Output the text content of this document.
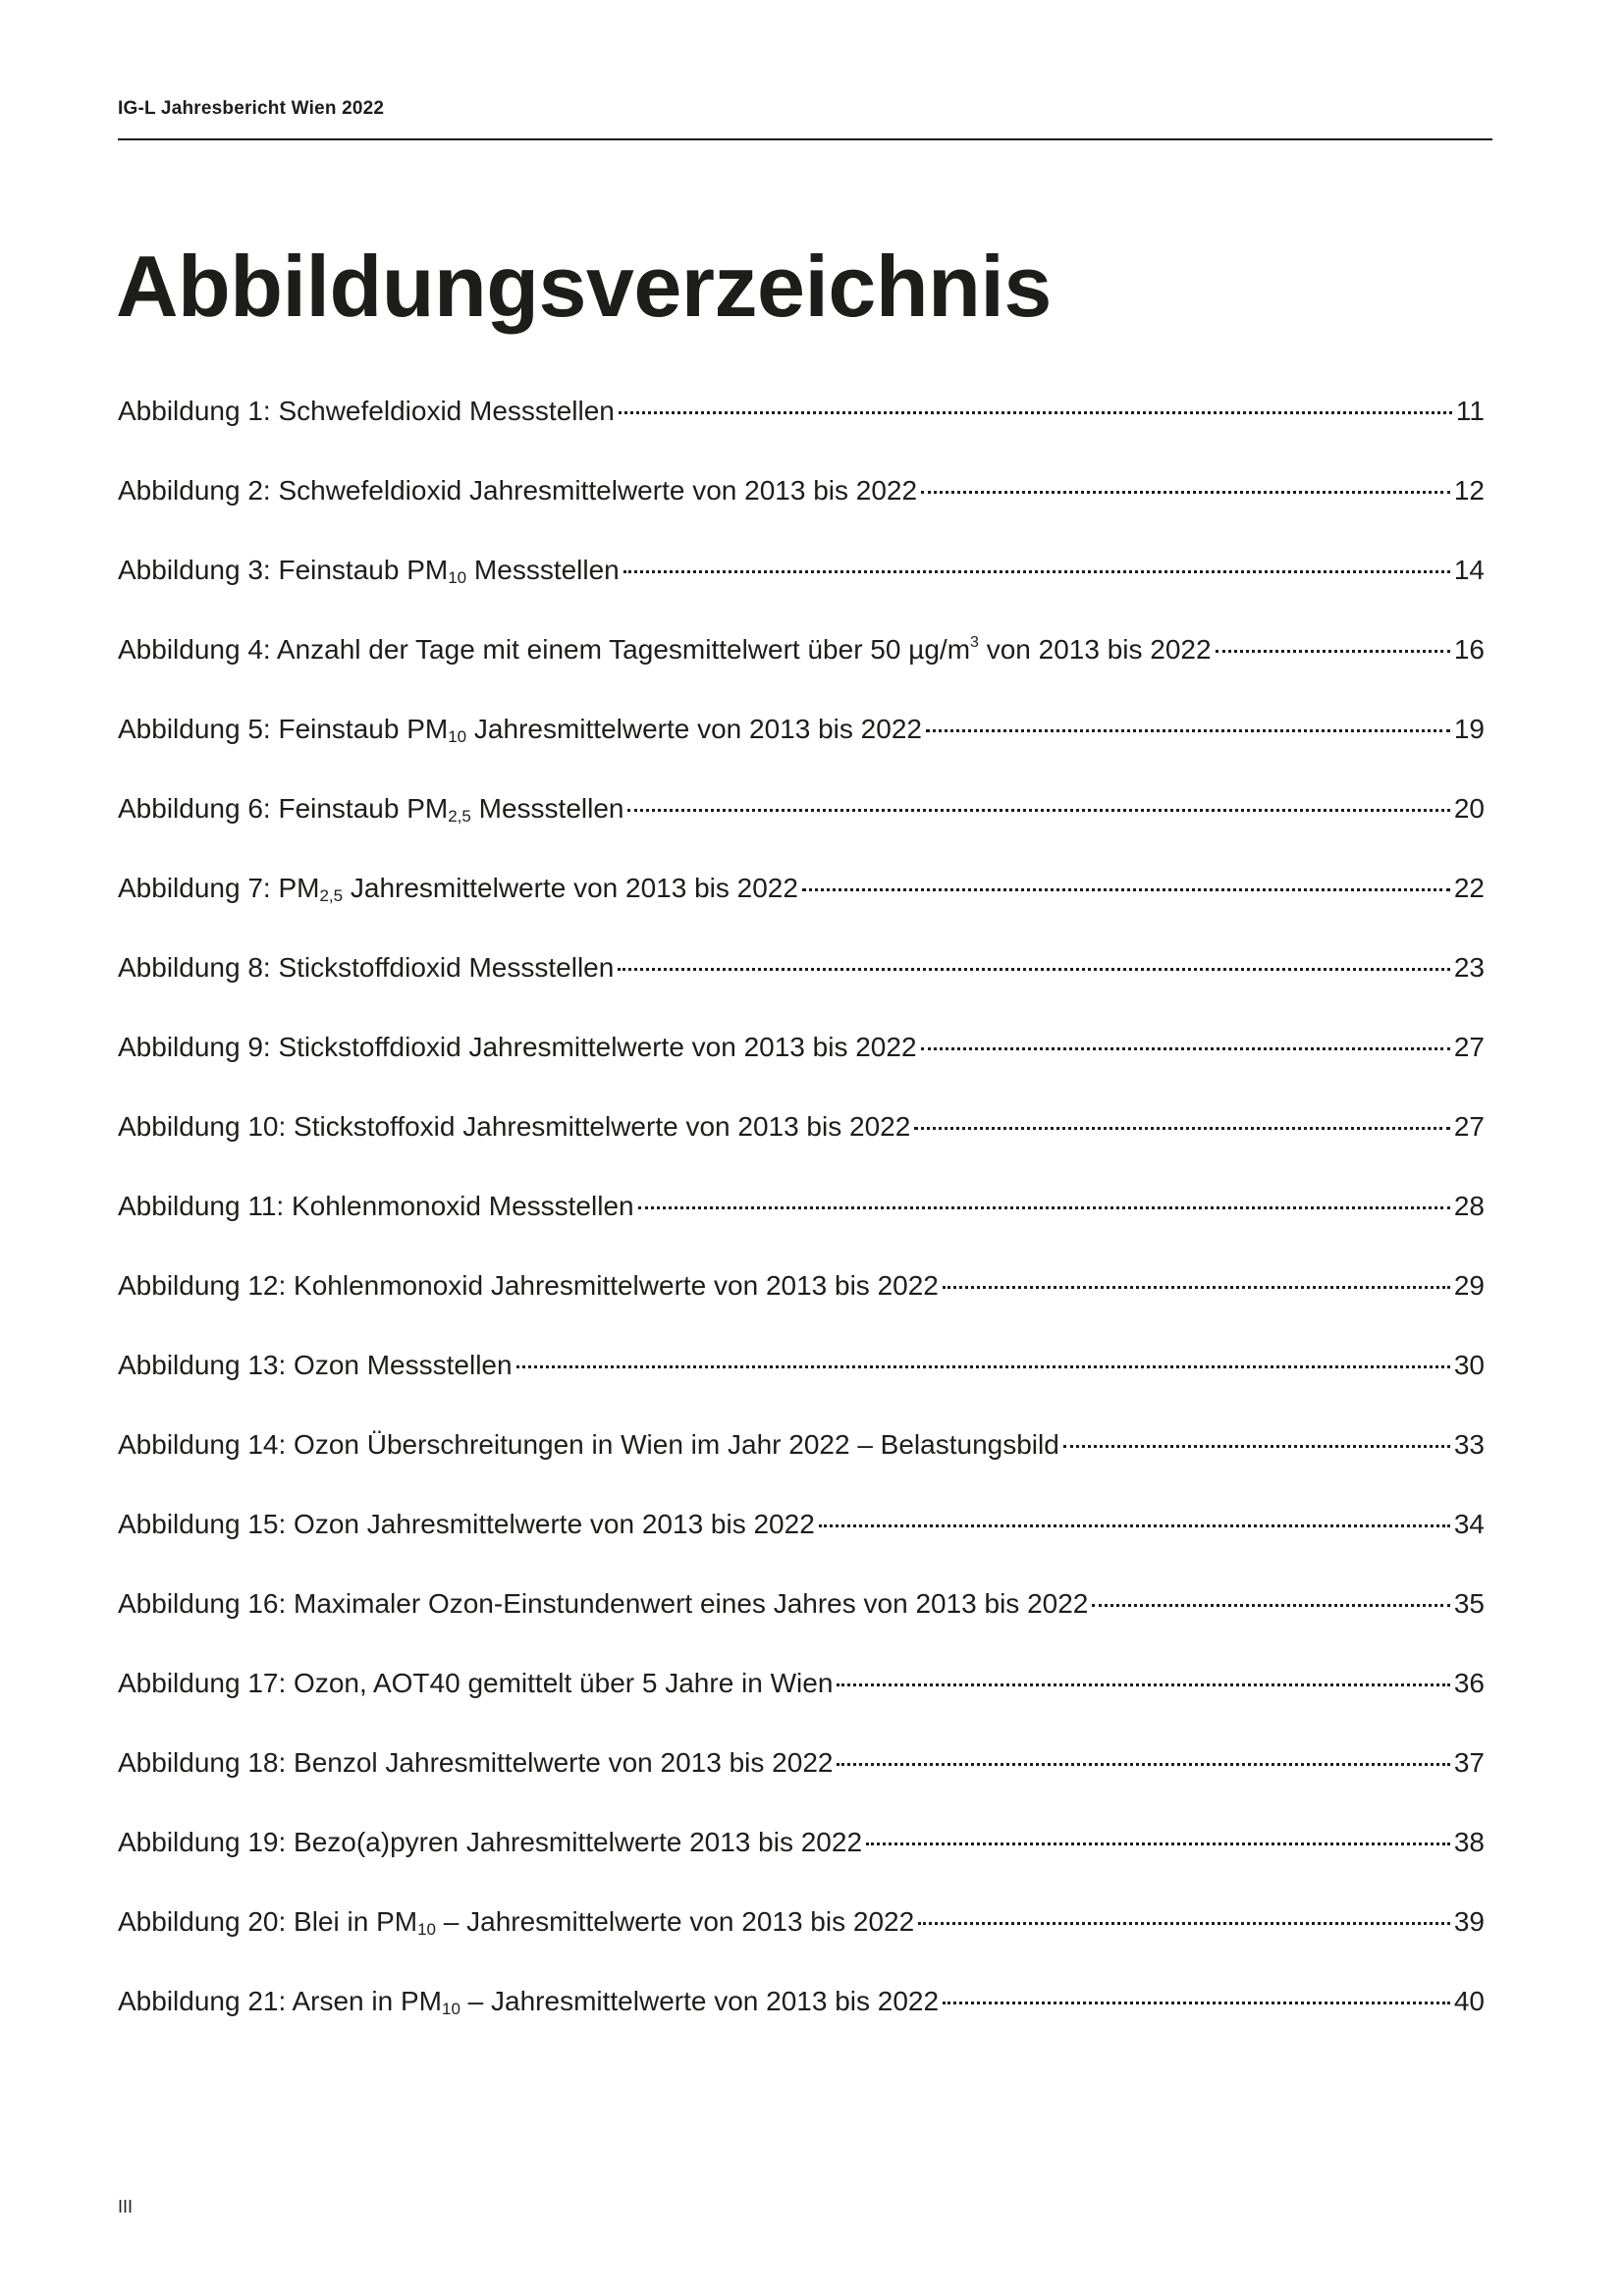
IG-L Jahresbericht Wien 2022
Abbildungsverzeichnis
Abbildung 1: Schwefeldioxid Messstellen	11
Abbildung 2: Schwefeldioxid Jahresmittelwerte von 2013 bis 2022	12
Abbildung 3: Feinstaub $PM_{10}$ Messstellen	14
Abbildung 4: Anzahl der Tage mit einem Tagesmittelwert über 50 $\mu g/m^3$ von 2013 bis 2022	16
Abbildung 5: Feinstaub $PM_{10}$ Jahresmittelwerte von 2013 bis 2022	19
Abbildung 6: Feinstaub $PM_{2,5}$ Messstellen	20
Abbildung 7: $PM_{2,5}$ Jahresmittelwerte von 2013 bis 2022	22
Abbildung 8: Stickstoffdioxid Messstellen	23
Abbildung 9: Stickstoffdioxid Jahresmittelwerte von 2013 bis 2022	27
Abbildung 10: Stickstoffoxid Jahresmittelwerte von 2013 bis 2022	27
Abbildung 11: Kohlenmonoxid Messstellen	28
Abbildung 12: Kohlenmonoxid Jahresmittelwerte von 2013 bis 2022	29
Abbildung 13: Ozon Messstellen	30
Abbildung 14: Ozon Überschreitungen in Wien im Jahr 2022 – Belastungsbild	33
Abbildung 15: Ozon Jahresmittelwerte von 2013 bis 2022	34
Abbildung 16: Maximaler Ozon-Einstundenwert eines Jahres von 2013 bis 2022	35
Abbildung 17: Ozon, AOT40 gemittelt über 5 Jahre in Wien	36
Abbildung 18: Benzol Jahresmittelwerte von 2013 bis 2022	37
Abbildung 19: Bezo(a)pyren Jahresmittelwerte 2013 bis 2022	38
Abbildung 20: Blei in $PM_{10}$ – Jahresmittelwerte von 2013 bis 2022	39
Abbildung 21: Arsen in $PM_{10}$ – Jahresmittelwerte von 2013 bis 2022	40
III
